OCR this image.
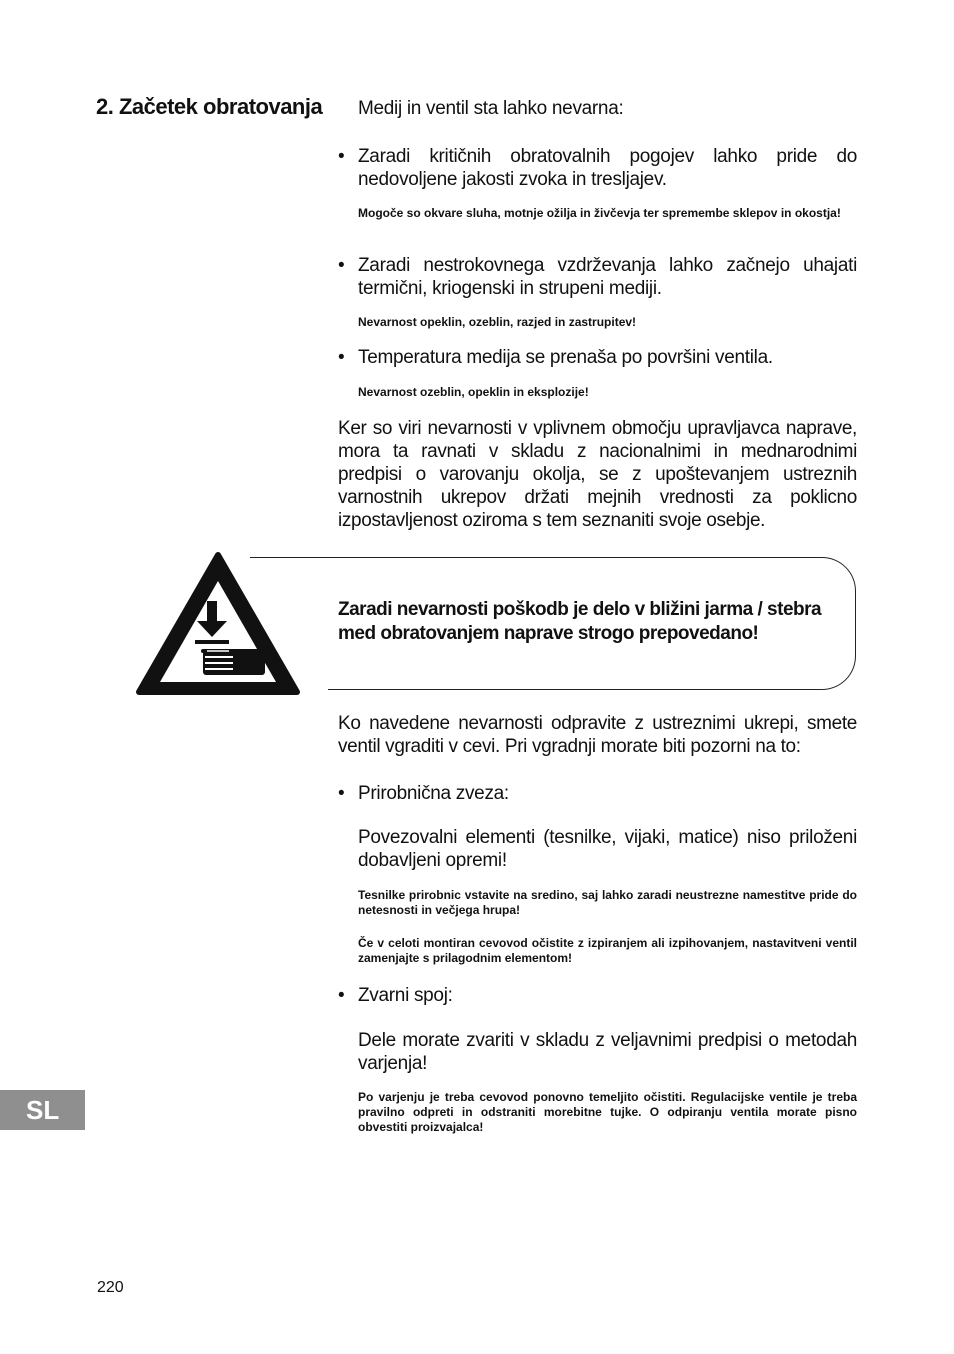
2. Začetek obratovanja Medij in ventil sta lahko nevarna:
• Zaradi kritičnih obratovalnih pogojev lahko pride do nedovoljene jakosti zvoka in tresljajev.
Mogoče so okvare sluha, motnje ožilja in živčevja ter spremembe sklepov in okostja!
• Zaradi nestrokovnega vzdrževanja lahko začnejo uhajati termični, kriogenski in strupeni mediji.
Nevarnost opeklin, ozeblin, razjed in zastrupitev!
• Temperatura medija se prenaša po površini ventila.
Nevarnost ozeblin, opeklin in eksplozije!
Ker so viri nevarnosti v vplivnem območju upravljavca naprave, mora ta ravnati v skladu z nacionalnimi in mednarodnimi predpisi o varovanju okolja, se z upoštevanjem ustreznih varnostnih ukrepov držati mejnih vrednosti za poklicno izpostavljenost oziroma s tem seznaniti svoje osebje.
Zaradi nevarnosti poškodb je delo v bližini jarma / stebra med obratovanjem naprave strogo prepovedano!
Ko navedene nevarnosti odpravite z ustreznimi ukrepi, smete ventil vgraditi v cevi. Pri vgradnji morate biti pozorni na to:
• Prirobnična zveza:
Povezovalni elementi (tesnilke, vijaki, matice) niso priloženi dobavljeni opremi!
Tesnilke prirobnic vstavite na sredino, saj lahko zaradi neustrezne namestitve pride do netesnosti in večjega hrupa!
Če v celoti montiran cevovod očistite z izpiranjem ali izpihovanjem, nastavitveni ventil zamenjajte s prilagodnim elementom!
• Zvarni spoj:
Dele morate zvariti v skladu z veljavnimi predpisi o metodah varjenja!
Po varjenju je treba cevovod ponovno temeljito očistiti. Regulacijske ventile je treba pravilno odpreti in odstraniti morebitne tujke. O odpiranju ventila morate pisno obvestiti proizvajalca!
SL
220
